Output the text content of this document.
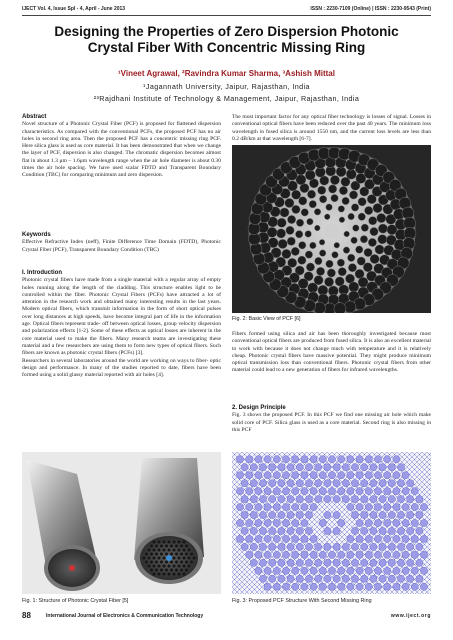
IJECT Vol. 4, Issue Spl - 4, April - June 2013	ISSN : 2230-7109 (Online) | ISSN : 2230-9543 (Print)
Designing the Properties of Zero Dispersion Photonic
Crystal Fiber With Concentric Missing Ring
¹Vineet Agrawal, ²Ravindra Kumar Sharma, ³Ashish Mittal
¹Jagannath University, Jaipur, Rajasthan, India
²³Rajdhani Institute of Technology & Management, Jaipur, Rajasthan, India
Abstract

Novel structure of a Photonic Crystal Fiber (PCF) is proposed for flattened dispersion characteristics. As compared with the conventional PCFs, the proposed PCF has no air holes in second ring area. Then the proposed PCF has a concentric missing ring PCF. Here silica glass is used as core material. It has been demonstrated that when we change the layer of PCF, dispersion is also changed. The chromatic dispersion becomes almost flat in about 1.3 μm – 1.6μm wavelength range when the air hole diameter is about 0.30 times the air hole spacing. We have used scalar FDTD and Transparent Boundary Condition (TBC) for comparing minimum and zero dispersion.

Keywords

Effective Refractive Index (neff), Finite Difference Time Domain (FDTD), Photonic Crystal Fiber (PCF), Transparent Boundary Condition (TBC)

I. Introduction

Photonic crystal fibers have made from a single material with a regular array of empty holes running along the length of the cladding. This structure enables light to be controlled within the fiber. Photonic Crystal Fibers (PCFs) have attracted a lot of attention in the research work and obtained many interesting results in the last years. Modern optical fibers, which transmit information in the form of short optical pulses over long distances at high speeds, have become integral part of life in the information age. Optical fibers represent trade- off between optical losses, group velocity dispersion and polarization effects [1-2]. Some of these effects as optical losses are inherent in the core material used to make the fibers. Many research teams are investigating these material and a few researchers are using them to form new types of optical fibers. Such fibers are known as photonic crystal fibers (PCFs) [3].

Researchers in several laboratories around the world are working on ways to fiber- optic design and performance. In many of the studies reported to date, fibers have been formed using a solid glassy material reported with air holes [4].

Fig. 1: Structure of Photonic Crystal Fiber [5]
The most important factor for any optical fiber technology is losses of signal. Losses in conventional optical fibers have been reduced over the past 40 years. The minimum loss wavelength in fused silica is around 1550 nm, and the current loss levels are less than 0.2 dB/km at that wavelength [6-7].
Fig. 2: Basic View of PCF [6]
Fibers formed using silica and air has been thoroughly investigated because most conventional optical fibers are produced from fused silica. It is also an excellent material to work with because it does not change much with temperature and it is relatively cheap. Photonic crystal fibers have massive potential. They might produce minimum optical transmission loss than conventional fibers. Photonic crystal fibers from other material could lead to a new generation of fibers for infrared wavelengths.
2. Design Principle

Fig. 3 shows the proposed PCF. In this PCF we find one missing air hole which make solid core of PCF. Silica glass is used as a core material. Second ring is also missing in this PCF

Fig. 3: Proposed PCF Structure With Second Missing Ring
88	International Journal of Electronics & Communication Technology	www.iject.org
